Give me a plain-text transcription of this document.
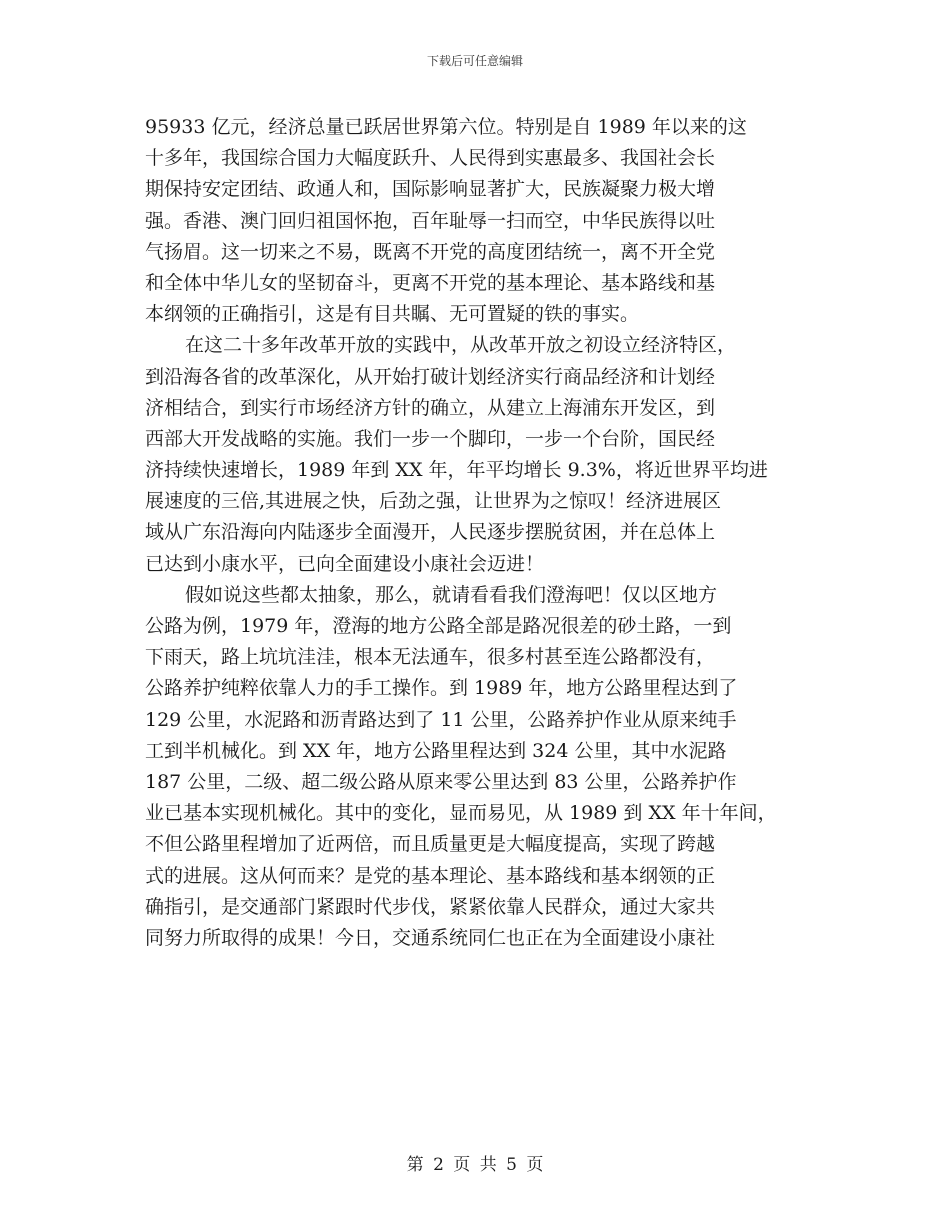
下载后可任意编辑
95933 亿元，经济总量已跃居世界第六位。特别是自 1989 年以来的这
十多年，我国综合国力大幅度跃升、人民得到实惠最多、我国社会长
期保持安定团结、政通人和，国际影响显著扩大，民族凝聚力极大增
强。香港、澳门回归祖国怀抱，百年耻辱一扫而空，中华民族得以吐
气扬眉。这一切来之不易，既离不开党的高度团结统一，离不开全党
和全体中华儿女的坚韧奋斗，更离不开党的基本理论、基本路线和基
本纲领的正确指引，这是有目共瞩、无可置疑的铁的事实。
在这二十多年改革开放的实践中，从改革开放之初设立经济特区，
到沿海各省的改革深化，从开始打破计划经济实行商品经济和计划经
济相结合，到实行市场经济方针的确立，从建立上海浦东开发区，到
西部大开发战略的实施。我们一步一个脚印，一步一个台阶，国民经
济持续快速增长，1989 年到 XX 年，年平均增长 9.3%，将近世界平均进
展速度的三倍,其进展之快，后劲之强，让世界为之惊叹！经济进展区
域从广东沿海向内陆逐步全面漫开，人民逐步摆脱贫困，并在总体上
已达到小康水平，已向全面建设小康社会迈进！
假如说这些都太抽象，那么，就请看看我们澄海吧！仅以区地方
公路为例，1979 年，澄海的地方公路全部是路况很差的砂土路，一到
下雨天，路上坑坑洼洼，根本无法通车，很多村甚至连公路都没有，
公路养护纯粹依靠人力的手工操作。到 1989 年，地方公路里程达到了
129 公里，水泥路和沥青路达到了 11 公里，公路养护作业从原来纯手
工到半机械化。到 XX 年，地方公路里程达到 324 公里，其中水泥路
187 公里，二级、超二级公路从原来零公里达到 83 公里，公路养护作
业已基本实现机械化。其中的变化，显而易见，从 1989 到 XX 年十年间，
不但公路里程增加了近两倍，而且质量更是大幅度提高，实现了跨越
式的进展。这从何而来？是党的基本理论、基本路线和基本纲领的正
确指引，是交通部门紧跟时代步伐，紧紧依靠人民群众，通过大家共
同努力所取得的成果！今日，交通系统同仁也正在为全面建设小康社
第 2 页 共 5 页
